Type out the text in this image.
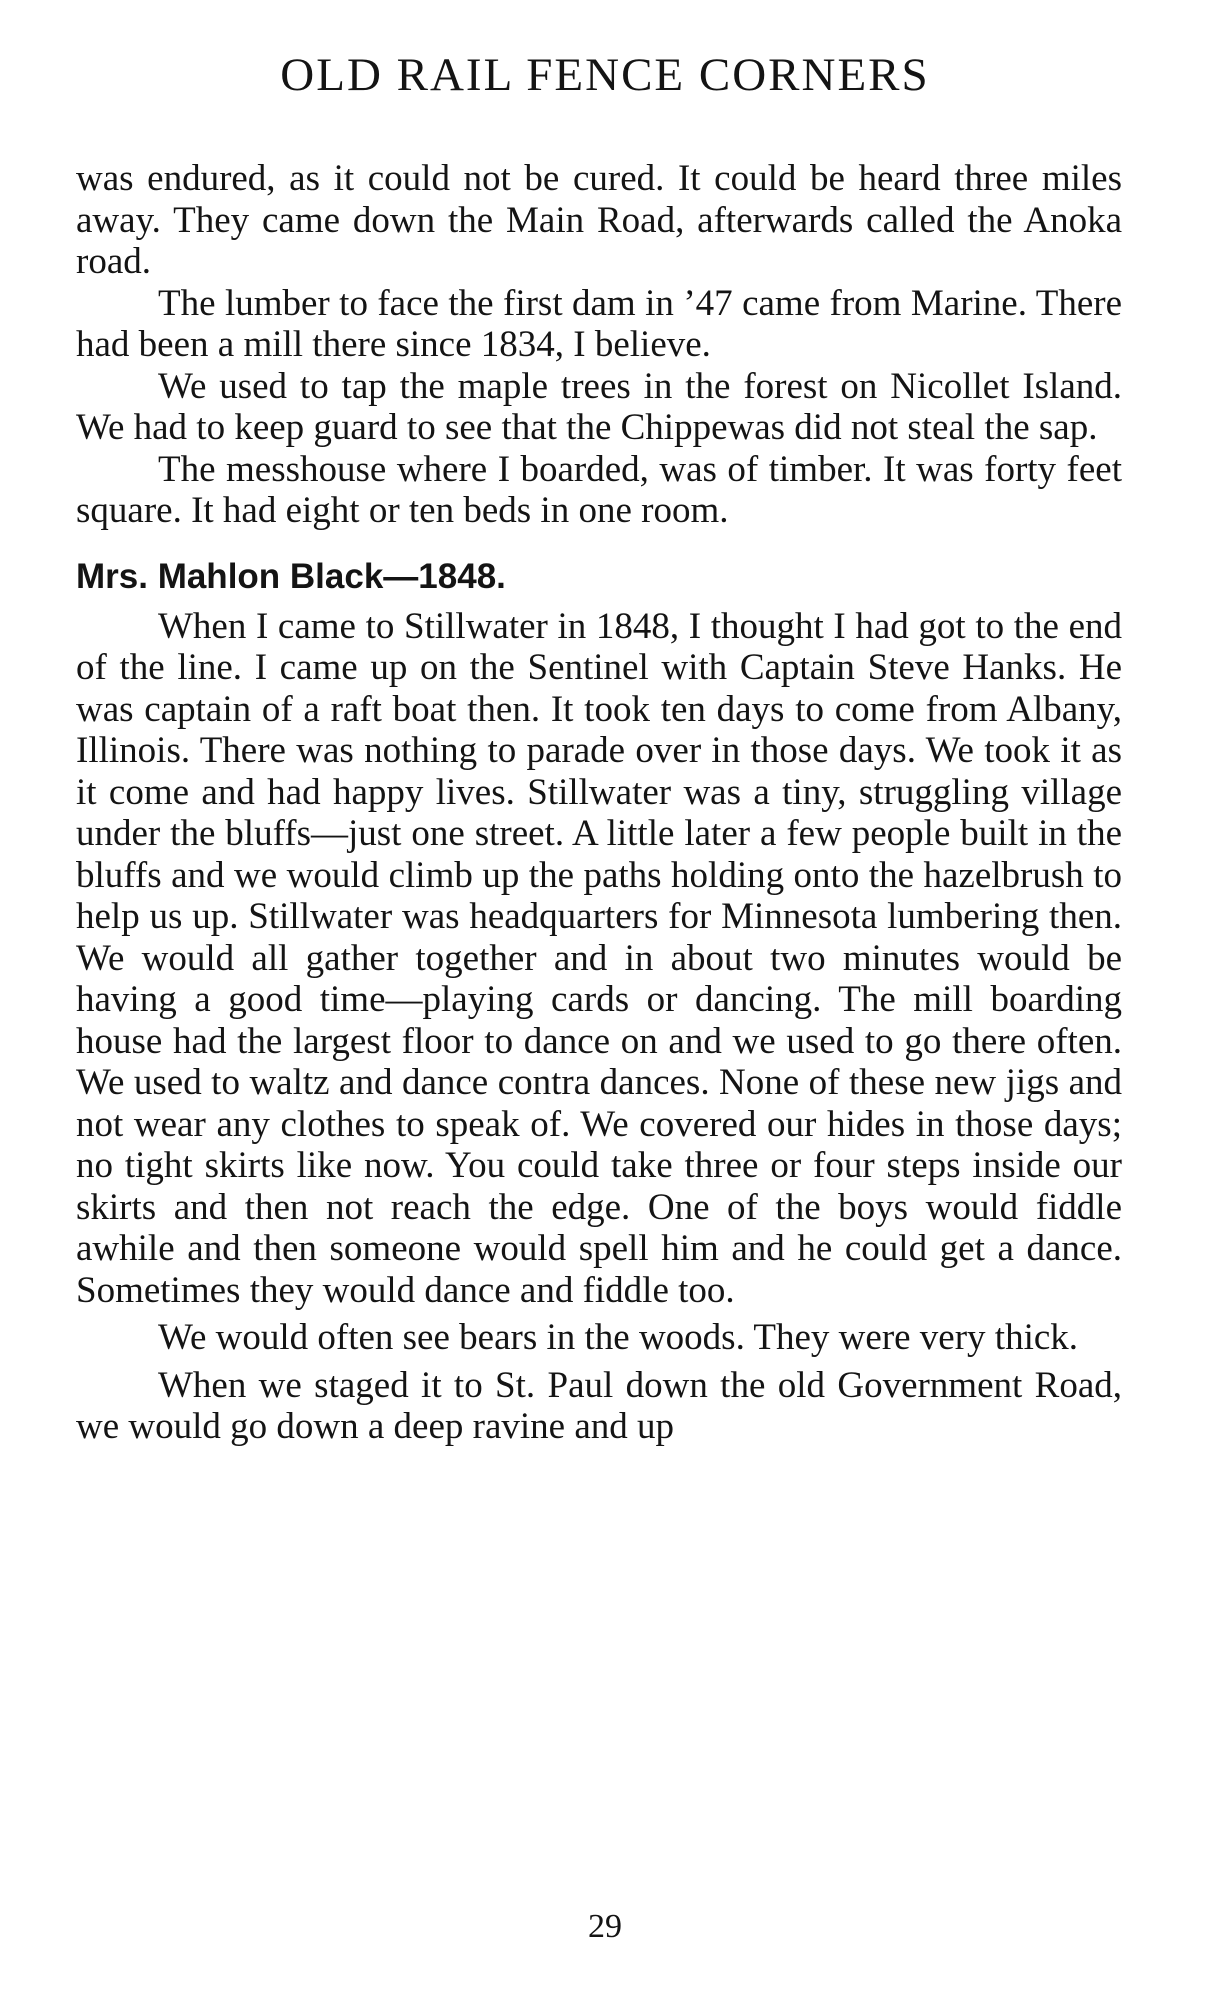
OLD RAIL FENCE CORNERS

was endured, as it could not be cured. It could be heard three miles away. They came down the Main Road, afterwards called the Anoka road.

The lumber to face the first dam in ’47 came from Marine. There had been a mill there since 1834, I believe.

We used to tap the maple trees in the forest on Nicollet Island. We had to keep guard to see that the Chippewas did not steal the sap.

The messhouse where I boarded, was of timber. It was forty feet square. It had eight or ten beds in one room.

Mrs. Mahlon Black—1848.

When I came to Stillwater in 1848, I thought I had got to the end of the line. I came up on the Sentinel with Captain Steve Hanks. He was captain of a raft boat then. It took ten days to come from Albany, Illinois. There was nothing to parade over in those days. We took it as it come and had happy lives. Stillwater was a tiny, struggling village under the bluffs—just one street. A little later a few people built in the bluffs and we would climb up the paths holding onto the hazelbrush to help us up. Stillwater was headquarters for Minnesota lumbering then. We would all gather together and in about two minutes would be having a good time—playing cards or dancing. The mill boarding house had the largest floor to dance on and we used to go there often. We used to waltz and dance contra dances. None of these new jigs and not wear any clothes to speak of. We covered our hides in those days; no tight skirts like now. You could take three or four steps inside our skirts and then not reach the edge. One of the boys would fiddle awhile and then someone would spell him and he could get a dance. Sometimes they would dance and fiddle too.

We would often see bears in the woods. They were very thick.

When we staged it to St. Paul down the old Government Road, we would go down a deep ravine and up

29
